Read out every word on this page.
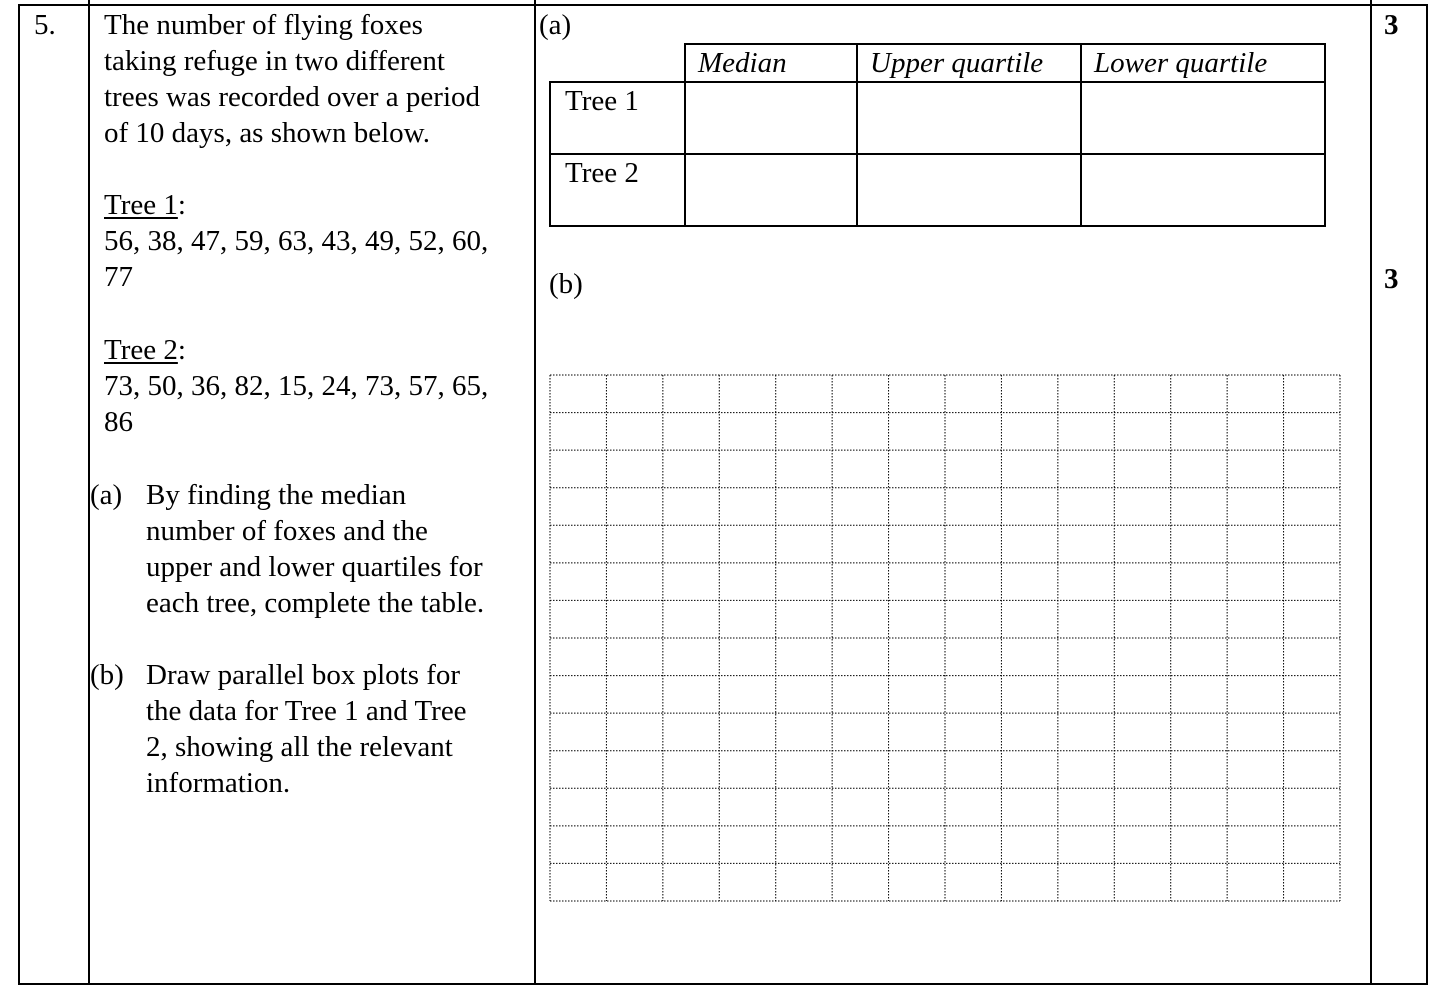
5. The number of flying foxes
taking refuge in two different
trees was recorded over a period
of 10 days, as shown below.
Tree 1:
56, 38, 47, 59, 63, 43, 49, 52, 60,
77
Tree 2:
73, 50, 36, 82, 15, 24, 73, 57, 65,
86
(a) By finding the median
number of foxes and the
upper and lower quartiles for
each tree, complete the table.
(b) Draw parallel box plots for
the data for Tree 1 and Tree
2, showing all the relevant
information.
(a)
	Median	Upper quartile	Lower quartile
Tree 1			
Tree 2			
(b)
3
3
